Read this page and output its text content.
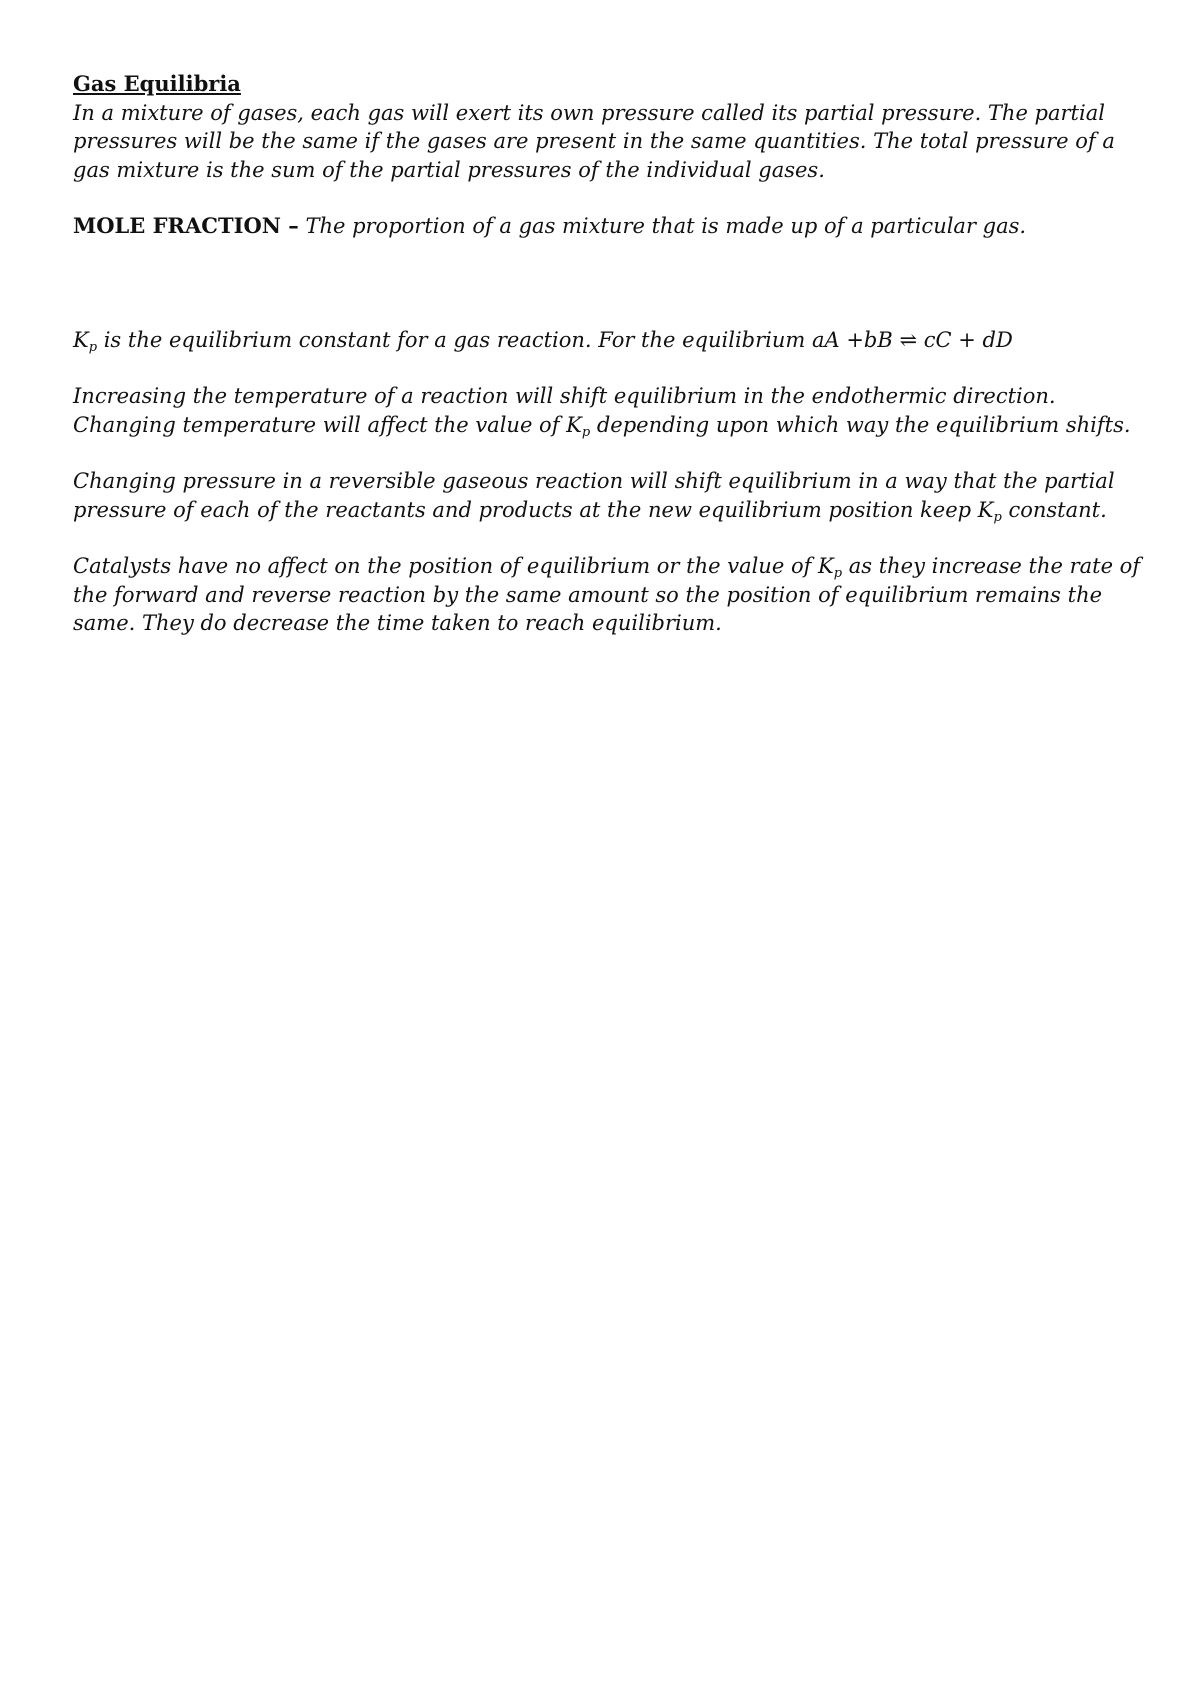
Gas Equilibria

In a mixture of gases, each gas will exert its own pressure called its partial pressure. The partial pressures will be the same if the gases are present in the same quantities. The total pressure of a gas mixture is the sum of the partial pressures of the individual gases.

MOLE FRACTION – The proportion of a gas mixture that is made up of a particular gas.

$K_p$ is the equilibrium constant for a gas reaction. For the equilibrium aA +bB ⇌ cC + dD

Increasing the temperature of a reaction will shift equilibrium in the endothermic direction. Changing temperature will affect the value of $K_p$ depending upon which way the equilibrium shifts.

Changing pressure in a reversible gaseous reaction will shift equilibrium in a way that the partial pressure of each of the reactants and products at the new equilibrium position keep $K_p$ constant.

Catalysts have no affect on the position of equilibrium or the value of $K_p$ as they increase the rate of the forward and reverse reaction by the same amount so the position of equilibrium remains the same. They do decrease the time taken to reach equilibrium.
